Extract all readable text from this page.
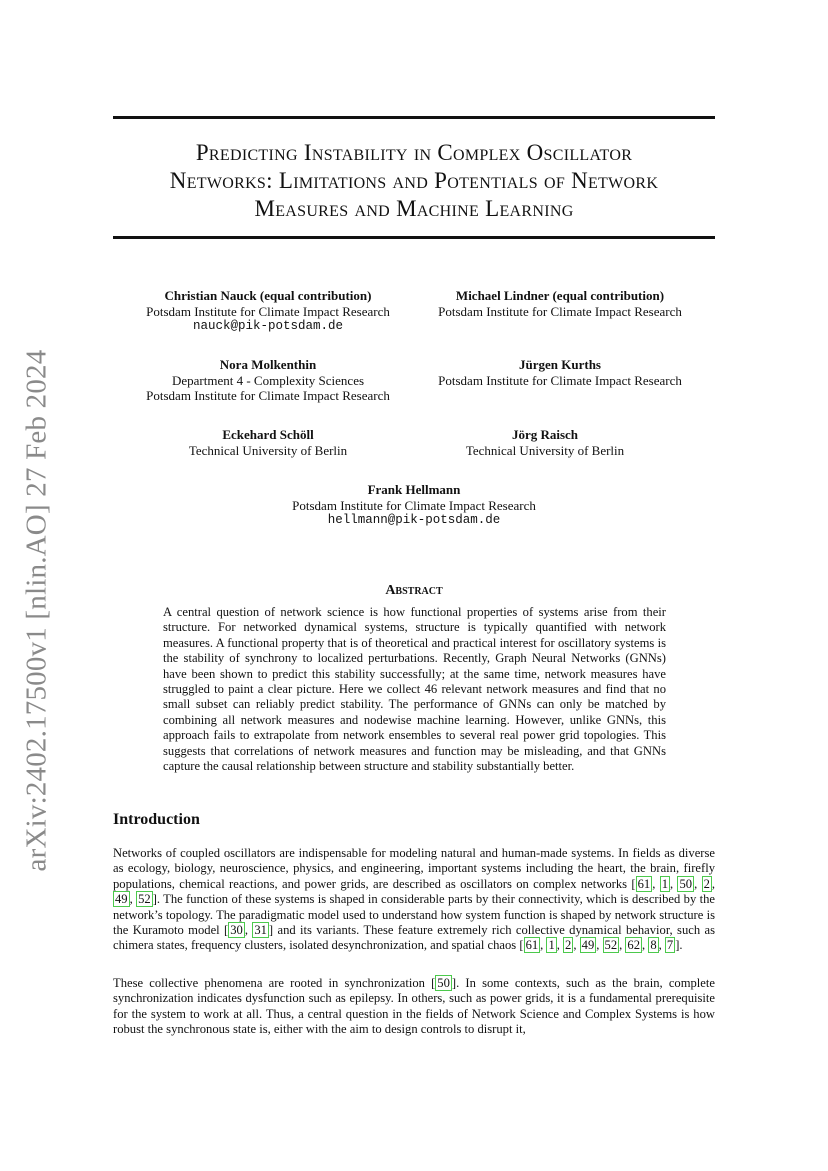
arXiv:2402.17500v1 [nlin.AO] 27 Feb 2024
Predicting Instability in Complex Oscillator
Networks: Limitations and Potentials of Network
Measures and Machine Learning
Christian Nauck (equal contribution)
Potsdam Institute for Climate Impact Research
nauck@pik-potsdam.de
Michael Lindner (equal contribution)
Potsdam Institute for Climate Impact Research
Nora Molkenthin
Department 4 - Complexity Sciences
Potsdam Institute for Climate Impact Research
Jürgen Kurths
Potsdam Institute for Climate Impact Research
Eckehard Schöll
Technical University of Berlin
Jörg Raisch
Technical University of Berlin
Frank Hellmann
Potsdam Institute for Climate Impact Research
hellmann@pik-potsdam.de
Abstract

A central question of network science is how functional properties of systems arise from their structure. For networked dynamical systems, structure is typically quantified with network measures. A functional property that is of theoretical and practical interest for oscillatory systems is the stability of synchrony to localized perturbations. Recently, Graph Neural Networks (GNNs) have been shown to predict this stability successfully; at the same time, network measures have struggled to paint a clear picture. Here we collect 46 relevant network measures and find that no small subset can reliably predict stability. The performance of GNNs can only be matched by combining all network measures and nodewise machine learning. However, unlike GNNs, this approach fails to extrapolate from network ensembles to several real power grid topologies. This suggests that correlations of network measures and function may be misleading, and that GNNs capture the causal relationship between structure and stability substantially better.

Introduction

Networks of coupled oscillators are indispensable for modeling natural and human-made systems. In fields as diverse as ecology, biology, neuroscience, physics, and engineering, important systems including the heart, the brain, firefly populations, chemical reactions, and power grids, are described as oscillators on complex networks [ 61 , 1 , 50 , 2 , 49 , 52 ]. The function of these systems is shaped in considerable parts by their connectivity, which is described by the network’s topology. The paradigmatic model used to understand how system function is shaped by network structure is the Kuramoto model [ 30 , 31 ] and its variants. These feature extremely rich collective dynamical behavior, such as chimera states, frequency clusters, isolated desynchronization, and spatial chaos [ 61 , 1 , 2 , 49 , 52 , 62 , 8 , 7 ].

These collective phenomena are rooted in synchronization [ 50 ]. In some contexts, such as the brain, complete synchronization indicates dysfunction such as epilepsy. In others, such as power grids, it is a fundamental prerequisite for the system to work at all. Thus, a central question in the fields of Network Science and Complex Systems is how robust the synchronous state is, either with the aim to design controls to disrupt it,
